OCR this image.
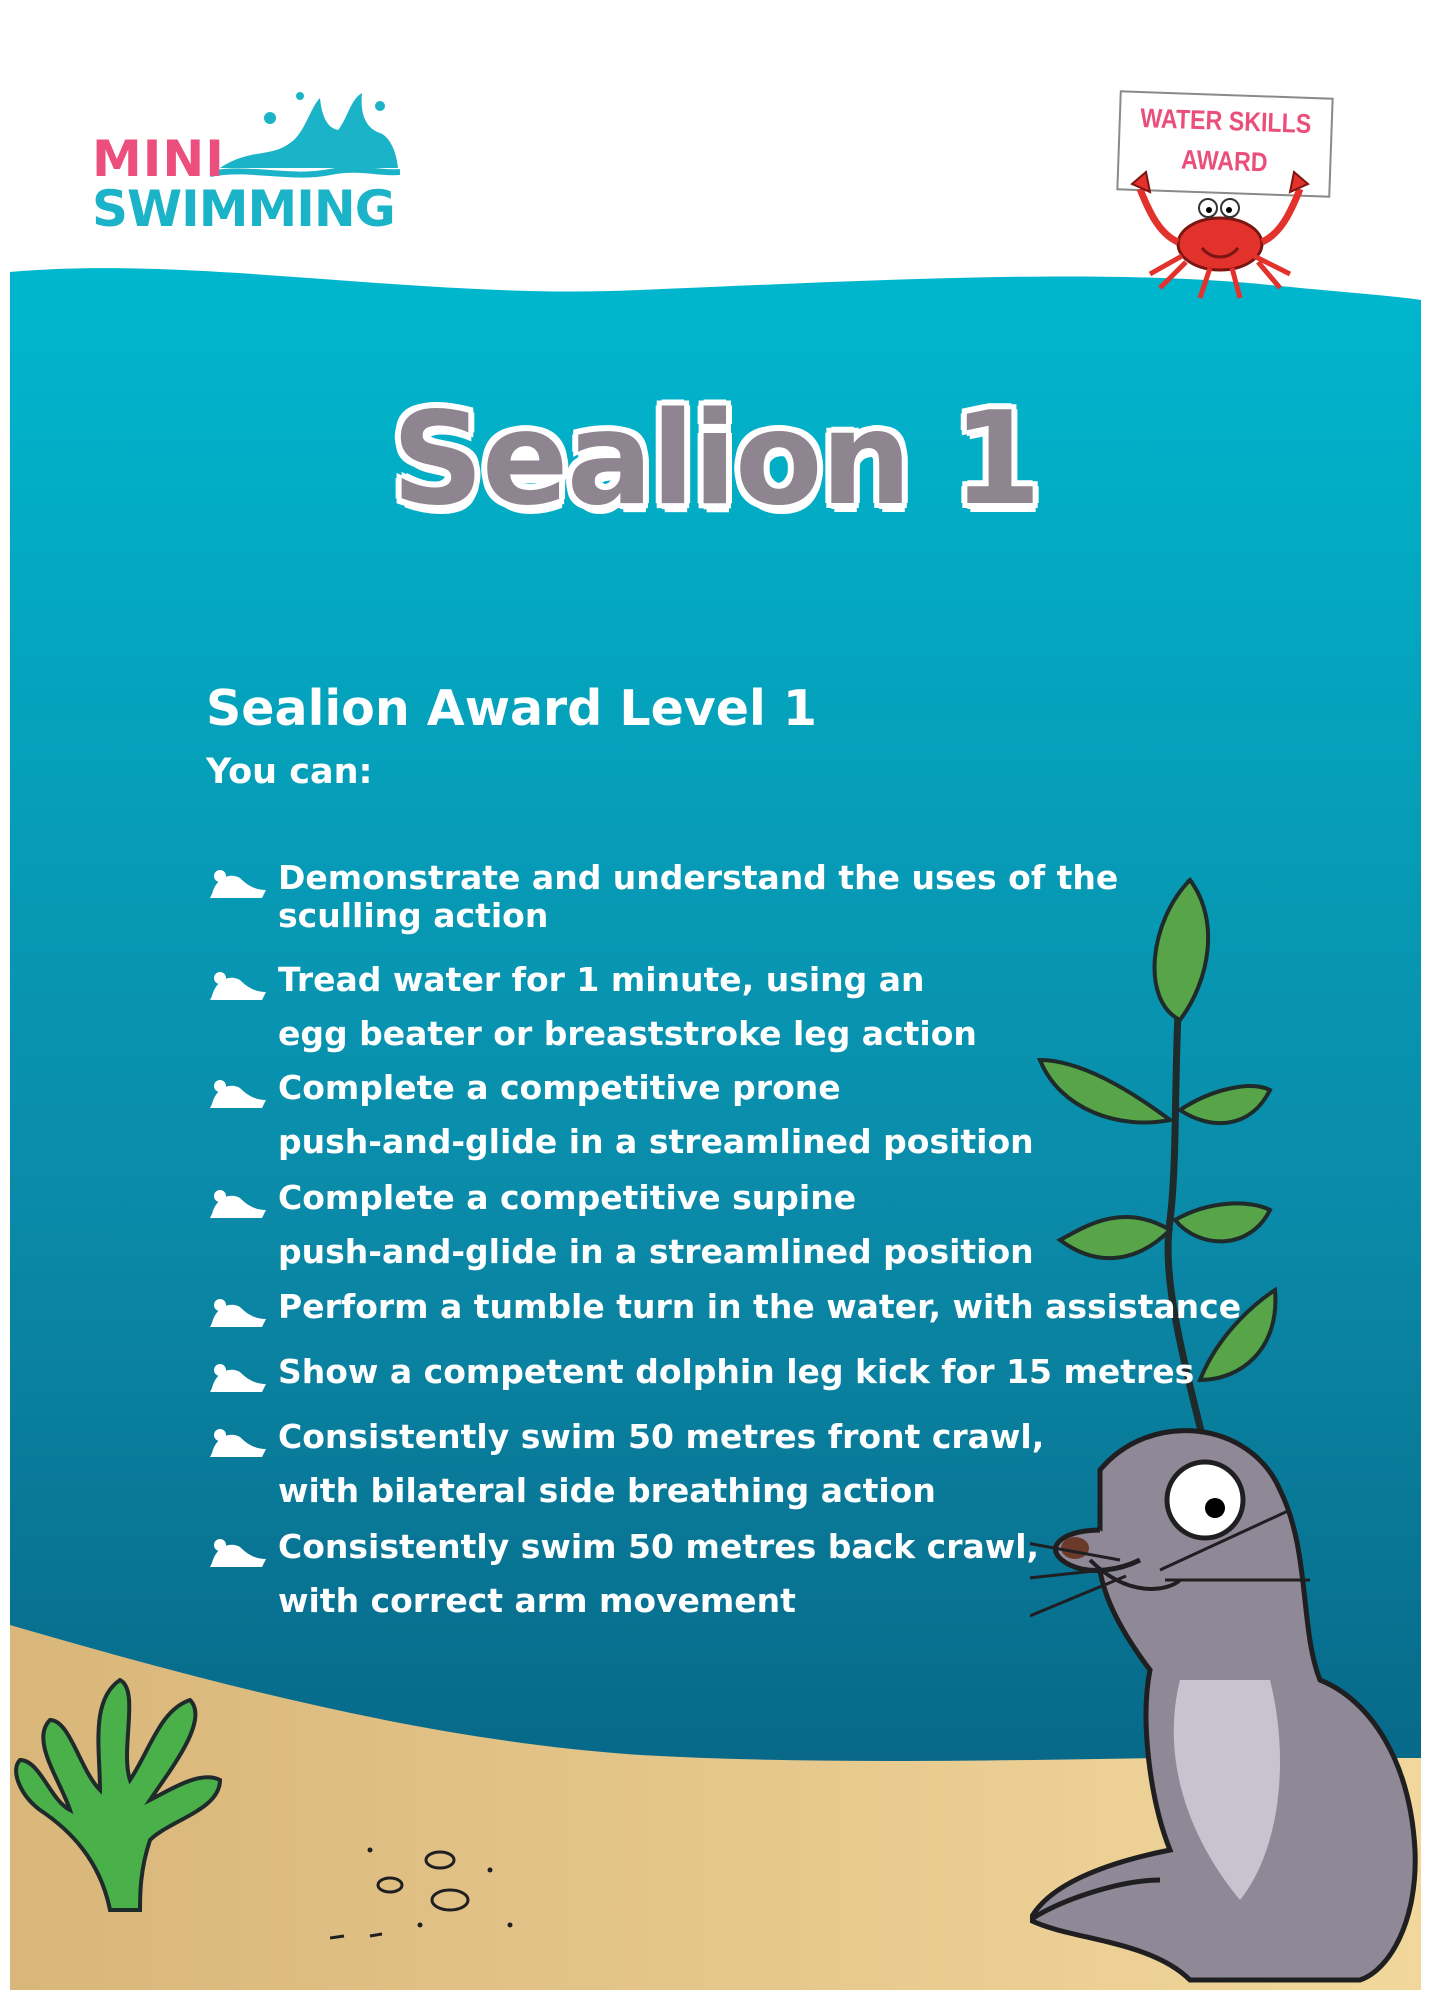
MINI
SWIMMING
WATER SKILLS
AWARD
Sealion 1
Sealion Award Level 1
You can:
Demonstrate and understand the uses of the
sculling action
Tread water for 1 minute, using an
egg beater or breaststroke leg action
Complete a competitive prone
push-and-glide in a streamlined position
Complete a competitive supine
push-and-glide in a streamlined position
Perform a tumble turn in the water, with assistance
Show a competent dolphin leg kick for 15 metres
Consistently swim 50 metres front crawl,
with bilateral side breathing action
Consistently swim 50 metres back crawl,
with correct arm movement
